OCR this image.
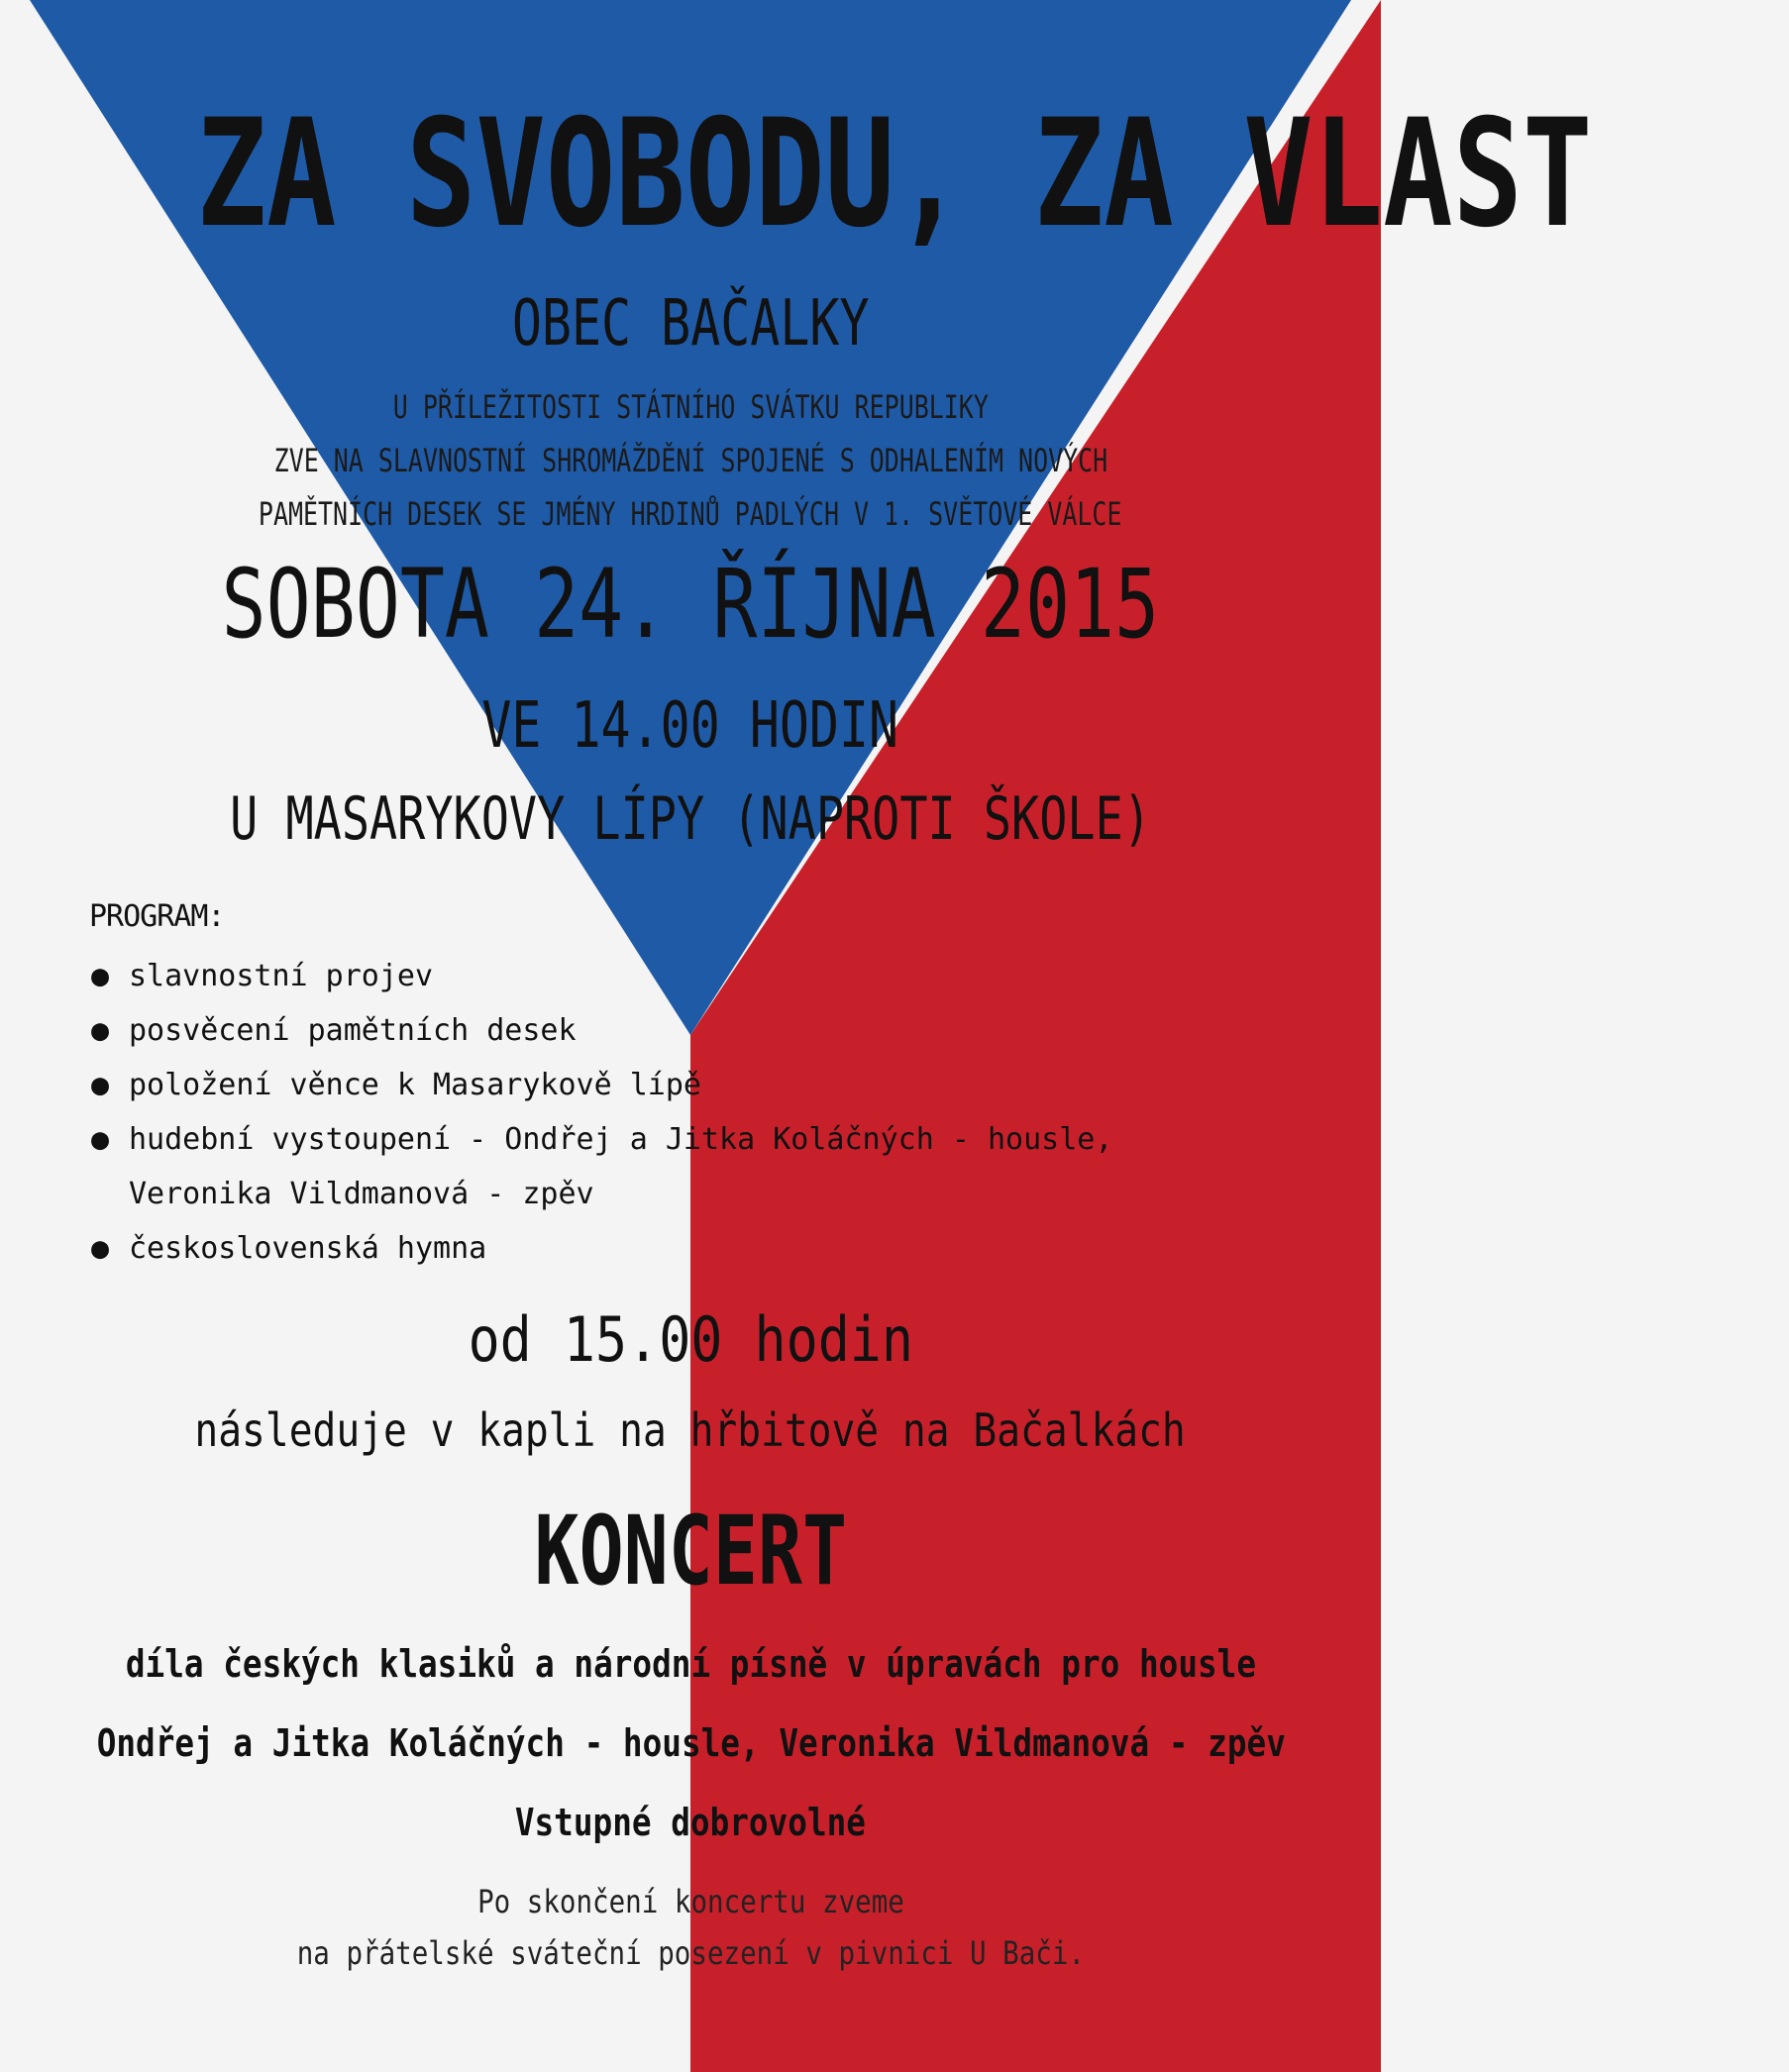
ZA SVOBODU, ZA VLAST
OBEC BAČALKY
U PŘÍLEŽITOSTI STÁTNÍHO SVÁTKU REPUBLIKY
ZVE NA SLAVNOSTNÍ SHROMÁŽDĚNÍ SPOJENÉ S ODHALENÍM NOVÝCH
PAMĚTNÍCH DESEK SE JMÉNY HRDINŮ PADLÝCH V 1. SVĚTOVÉ VÁLCE
SOBOTA 24. ŘÍJNA 2015
VE 14.00 HODIN
U MASARYKOVY LÍPY (NAPROTI ŠKOLE)
PROGRAM:
● slavnostní projev
● posvěcení pamětních desek
● položení věnce k Masarykově lípě
● hudební vystoupení - Ondřej a Jitka Koláčných - housle,
Veronika Vildmanová - zpěv
● československá hymna
od 15.00 hodin
následuje v kapli na hřbitově na Bačalkách
KONCERT
díla českých klasiků a národní písně v úpravách pro housle
Ondřej a Jitka Koláčných - housle, Veronika Vildmanová - zpěv
Vstupné dobrovolné
Po skončení koncertu zveme
na přátelské sváteční posezení v pivnici U Bači.
